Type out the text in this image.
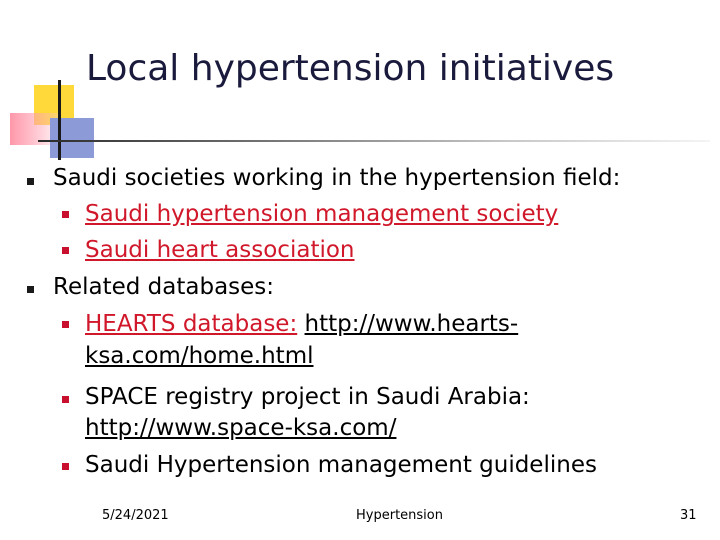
Local hypertension initiatives
Saudi societies working in the hypertension field:
Saudi hypertension management society
Saudi heart association
Related databases:
HEARTS database: http://www.hearts-
ksa.com/home.html
SPACE registry project in Saudi Arabia:
http://www.space-ksa.com/
Saudi Hypertension management guidelines
5/24/2021	Hypertension	31
